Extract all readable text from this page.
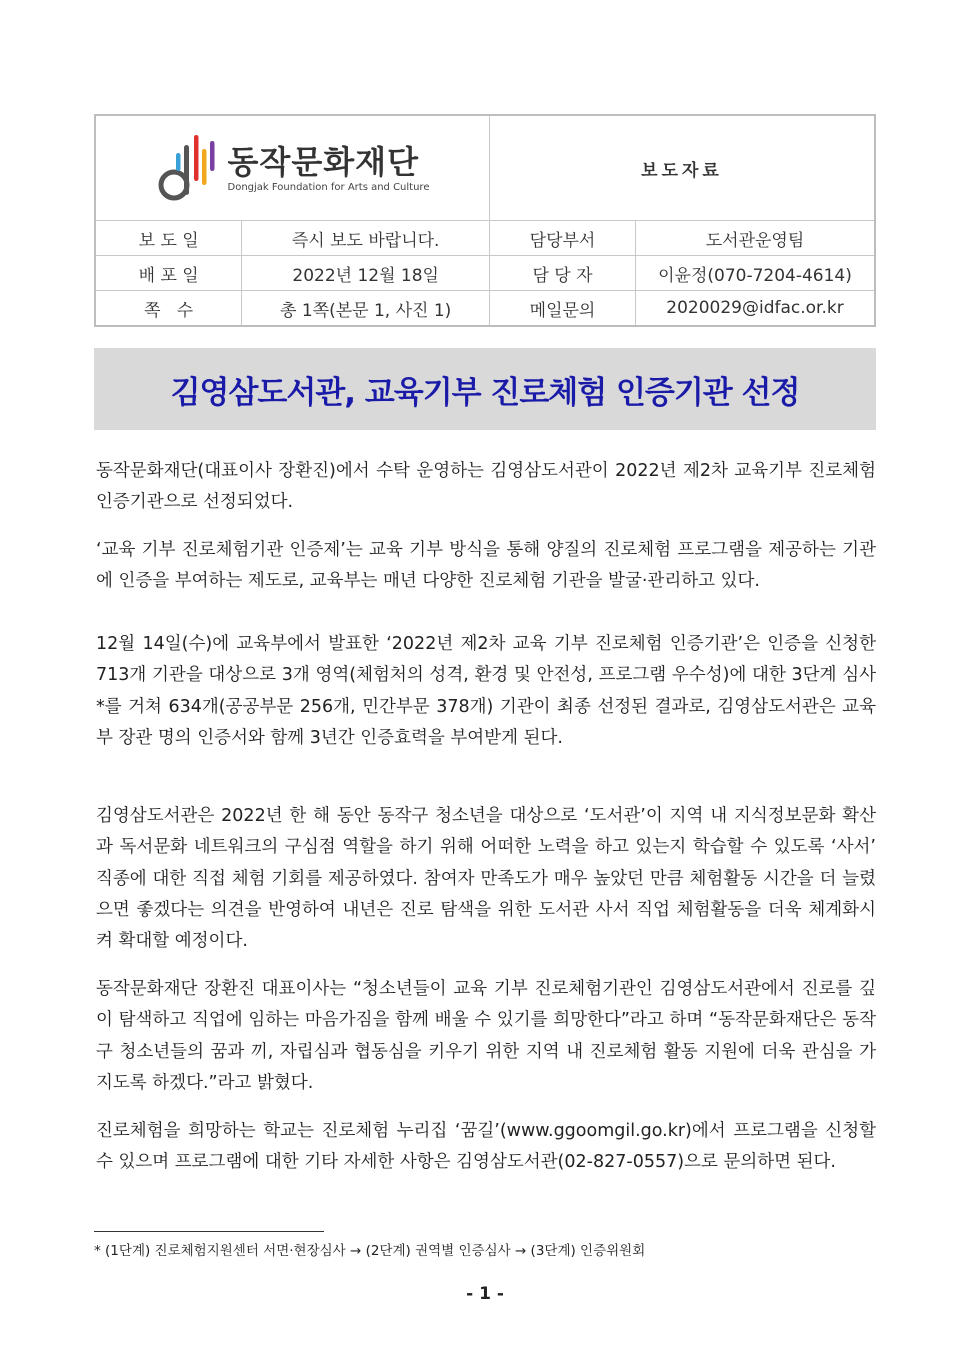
동작문화재단
Dongjak Foundation for Arts and Culture		보도자료	
보 도 일	즉시 보도 바랍니다.	담당부서	도서관운영팀
배 포 일	2022년 12월 18일	담 당 자	이윤정(070-7204-4614)
쪽   수	총 1쪽(본문 1, 사진 1)	메일문의	2020029@idfac.or.kr
김영삼도서관, 교육기부 진로체험 인증기관 선정

동작문화재단(대표이사 장환진)에서 수탁 운영하는 김영삼도서관이 2022년 제2차 교육기부 진로체험 인증기관으로 선정되었다.

‘교육 기부 진로체험기관 인증제’는 교육 기부 방식을 통해 양질의 진로체험 프로그램을 제공하는 기관에 인증을 부여하는 제도로, 교육부는 매년 다양한 진로체험 기관을 발굴·관리하고 있다.

12월 14일(수)에 교육부에서 발표한 ‘2022년 제2차 교육 기부 진로체험 인증기관’은 인증을 신청한 713개 기관을 대상으로 3개 영역(체험처의 성격, 환경 및 안전성, 프로그램 우수성)에 대한 3단계 심사*를 거쳐 634개(공공부문 256개, 민간부문 378개) 기관이 최종 선정된 결과로, 김영삼도서관은 교육부 장관 명의 인증서와 함께 3년간 인증효력을 부여받게 된다.

김영삼도서관은 2022년 한 해 동안 동작구 청소년을 대상으로 ‘도서관’이 지역 내 지식정보문화 확산과 독서문화 네트워크의 구심점 역할을 하기 위해 어떠한 노력을 하고 있는지 학습할 수 있도록 ‘사서’ 직종에 대한 직접 체험 기회를 제공하였다. 참여자 만족도가 매우 높았던 만큼 체험활동 시간을 더 늘렸으면 좋겠다는 의견을 반영하여 내년은 진로 탐색을 위한 도서관 사서 직업 체험활동을 더욱 체계화시켜 확대할 예정이다.

동작문화재단 장환진 대표이사는 “청소년들이 교육 기부 진로체험기관인 김영삼도서관에서 진로를 깊이 탐색하고 직업에 임하는 마음가짐을 함께 배울 수 있기를 희망한다”라고 하며 “동작문화재단은 동작구 청소년들의 꿈과 끼, 자립심과 협동심을 키우기 위한 지역 내 진로체험 활동 지원에 더욱 관심을 가지도록 하겠다.”라고 밝혔다.

진로체험을 희망하는 학교는 진로체험 누리집 ‘꿈길’(www.ggoomgil.go.kr)에서 프로그램을 신청할 수 있으며 프로그램에 대한 기타 자세한 사항은 김영삼도서관(02-827-0557)으로 문의하면 된다.

* (1단계) 진로체험지원센터 서면·현장심사 → (2단계) 권역별 인증심사 → (3단계) 인증위원회
- 1 -
